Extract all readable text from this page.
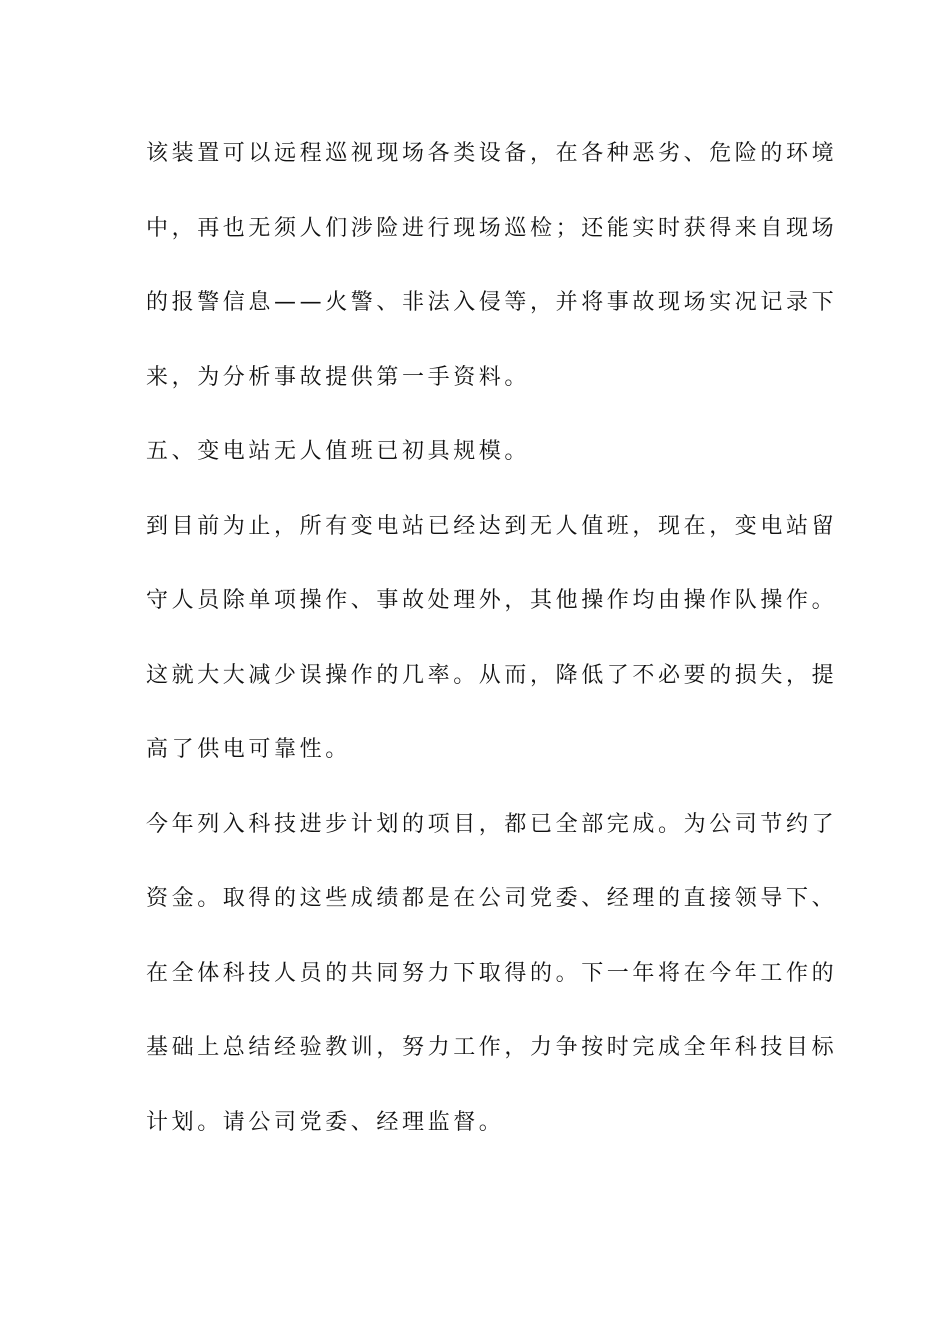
该装置可以远程巡视现场各类设备，在各种恶劣、危险的环境
中，再也无须人们涉险进行现场巡检；还能实时获得来自现场
的报警信息——火警、非法入侵等，并将事故现场实况记录下
来，为分析事故提供第一手资料。
五、变电站无人值班已初具规模。
到目前为止，所有变电站已经达到无人值班，现在，变电站留
守人员除单项操作、事故处理外，其他操作均由操作队操作。
这就大大减少误操作的几率。从而，降低了不必要的损失，提
高了供电可靠性。
今年列入科技进步计划的项目，都已全部完成。为公司节约了
资金。取得的这些成绩都是在公司党委、经理的直接领导下、
在全体科技人员的共同努力下取得的。下一年将在今年工作的
基础上总结经验教训，努力工作，力争按时完成全年科技目标
计划。请公司党委、经理监督。
